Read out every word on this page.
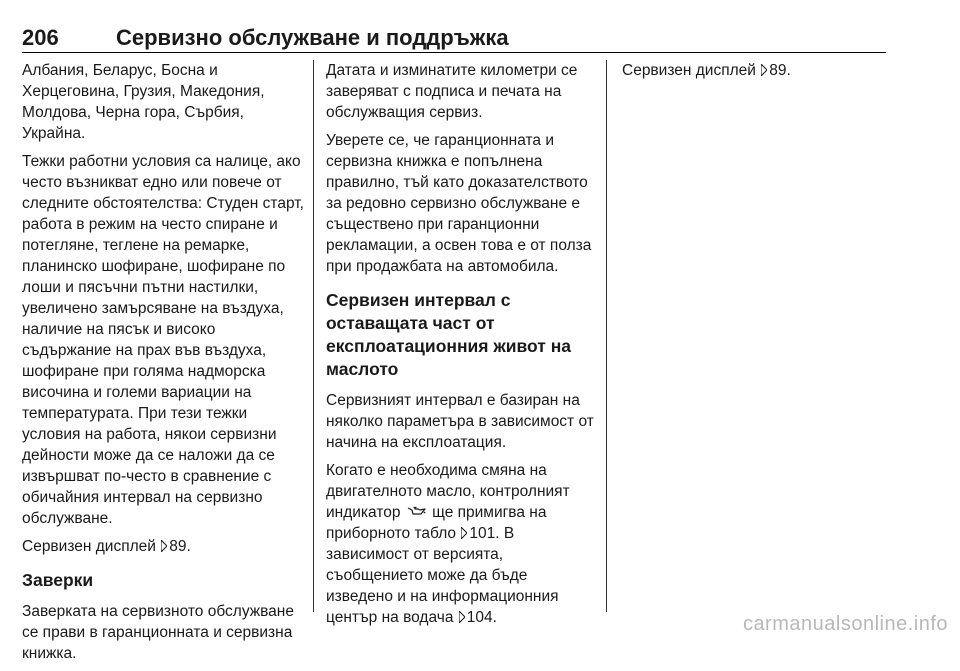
206	Сервизно обслужване и поддръжка

Албания, Беларус, Босна и Херцеговина, Грузия, Македония, Молдова, Черна гора, Сърбия, Украйна.

Тежки работни условия са налице, ако често възникват едно или повече от следните обстоятелства: Студен старт, работа в режим на често спиране и потегляне, теглене на ремарке, планинско шофиране, шофиране по лоши и пясъчни пътни настилки, увеличено замърсяване на въздуха, наличие на пясък и високо съдържание на прах във въздуха, шофиране при голяма надморска височина и големи вариации на температурата. При тези тежки условия на работа, някои сервизни дейности може да се наложи да се извършват по-често в сравнение с обичайния интервал на сервизно обслужване.

Сервизен дисплей 89.

Заверки

Заверката на сервизното обслужване се прави в гаранционната и сервизна книжка.

Датата и изминатите километри се заверяват с подписа и печата на обслужващия сервиз.

Уверете се, че гаранционната и сервизна книжка е попълнена правилно, тъй като доказателството за редовно сервизно обслужване е съществено при гаранционни рекламации, а освен това е от полза при продажбата на автомобила.

Сервизен интервал с оставащата част от експлоатационния живот на маслото

Сервизният интервал е базиран на няколко параметъра в зависимост от начина на експлоатация.

Когато е необходима смяна на двигателното масло, контролният индикатор ще примигва на приборното табло 101. В зависимост от версията, съобщението може да бъде изведено и на информационния център на водача 104.

Сервизен дисплей 89.

carmanualsonline.info
